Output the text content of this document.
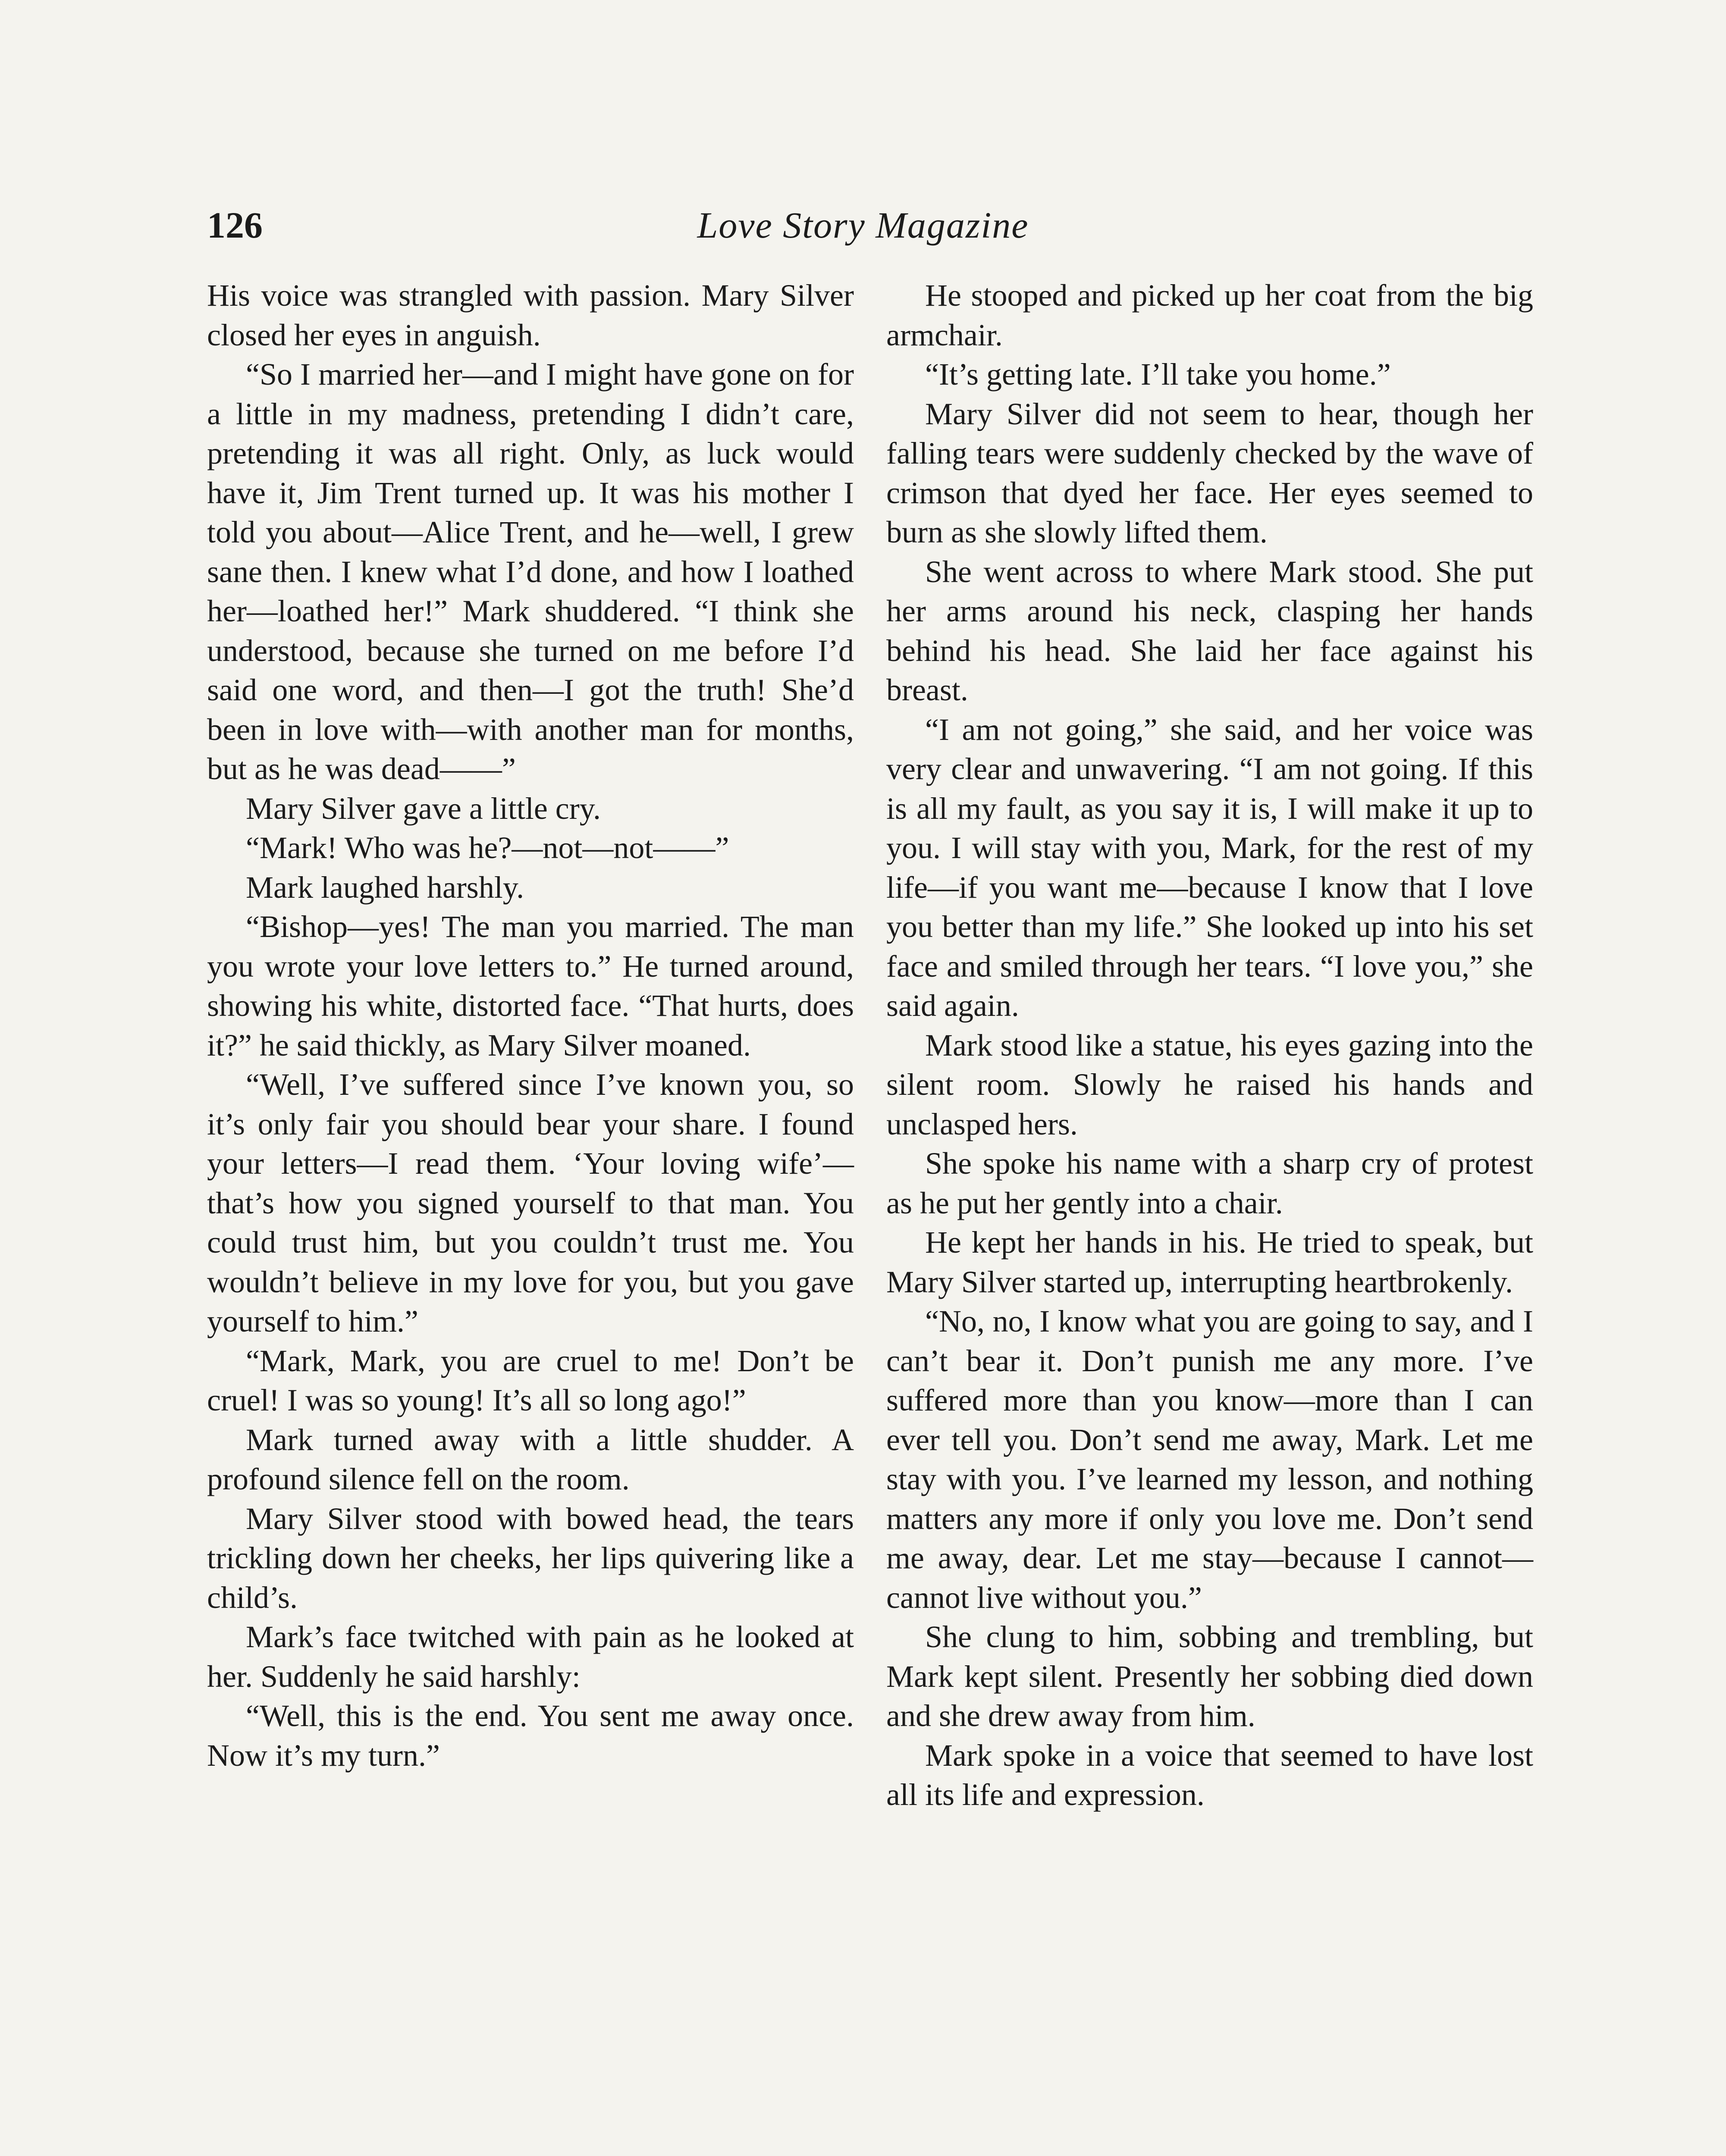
126	Love Story Magazine

His voice was strangled with passion. Mary Silver closed her eyes in anguish.

“So I married her—and I might have gone on for a little in my madness, pretending I didn’t care, pretending it was all right. Only, as luck would have it, Jim Trent turned up. It was his mother I told you about—Alice Trent, and he—well, I grew sane then. I knew what I’d done, and how I loathed her—loathed her!” Mark shuddered. “I think she understood, because she turned on me before I’d said one word, and then—I got the truth! She’d been in love with—with another man for months, but as he was dead——”

Mary Silver gave a little cry.

“Mark! Who was he?—not—not——”

Mark laughed harshly.

“Bishop—yes! The man you married. The man you wrote your love letters to.” He turned around, showing his white, distorted face. “That hurts, does it?” he said thickly, as Mary Silver moaned.

“Well, I’ve suffered since I’ve known you, so it’s only fair you should bear your share. I found your letters—I read them. ‘Your loving wife’—that’s how you signed yourself to that man. You could trust him, but you couldn’t trust me. You wouldn’t believe in my love for you, but you gave yourself to him.”

“Mark, Mark, you are cruel to me! Don’t be cruel! I was so young! It’s all so long ago!”

Mark turned away with a little shudder. A profound silence fell on the room.

Mary Silver stood with bowed head, the tears trickling down her cheeks, her lips quivering like a child’s.

Mark’s face twitched with pain as he looked at her. Suddenly he said harshly:

“Well, this is the end. You sent me away once. Now it’s my turn.”

He stooped and picked up her coat from the big armchair.

“It’s getting late. I’ll take you home.”

Mary Silver did not seem to hear, though her falling tears were suddenly checked by the wave of crimson that dyed her face. Her eyes seemed to burn as she slowly lifted them.

She went across to where Mark stood. She put her arms around his neck, clasping her hands behind his head. She laid her face against his breast.

“I am not going,” she said, and her voice was very clear and unwavering. “I am not going. If this is all my fault, as you say it is, I will make it up to you. I will stay with you, Mark, for the rest of my life—if you want me—because I know that I love you better than my life.” She looked up into his set face and smiled through her tears. “I love you,” she said again.

Mark stood like a statue, his eyes gazing into the silent room. Slowly he raised his hands and unclasped hers.

She spoke his name with a sharp cry of protest as he put her gently into a chair.

He kept her hands in his. He tried to speak, but Mary Silver started up, interrupting heartbrokenly.

“No, no, I know what you are going to say, and I can’t bear it. Don’t punish me any more. I’ve suffered more than you know—more than I can ever tell you. Don’t send me away, Mark. Let me stay with you. I’ve learned my lesson, and nothing matters any more if only you love me. Don’t send me away, dear. Let me stay—because I cannot—cannot live without you.”

She clung to him, sobbing and trembling, but Mark kept silent. Presently her sobbing died down and she drew away from him.

Mark spoke in a voice that seemed to have lost all its life and expression.
